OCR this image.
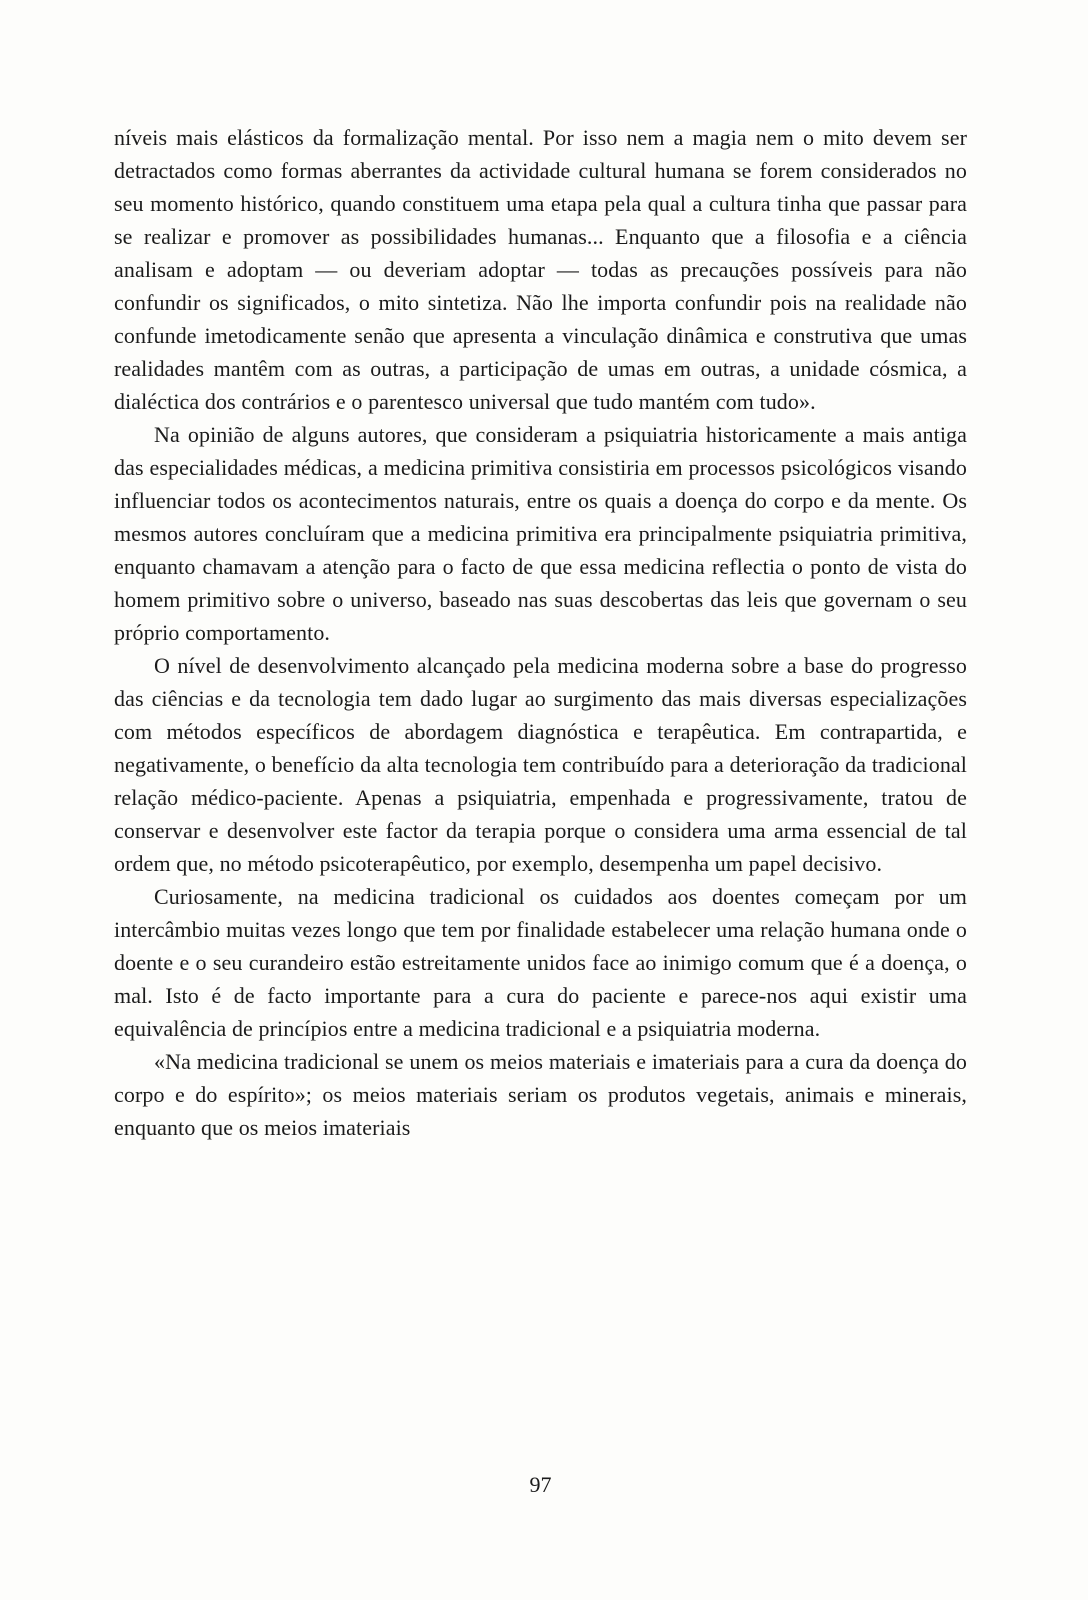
níveis mais elásticos da formalização mental. Por isso nem a magia nem o mito devem ser detractados como formas aberrantes da actividade cultural humana se forem considerados no seu momento histórico, quando constituem uma etapa pela qual a cultura tinha que passar para se realizar e promover as possibilidades humanas... Enquanto que a filosofia e a ciência analisam e adoptam — ou deveriam adoptar — todas as precauções possíveis para não confundir os significados, o mito sintetiza. Não lhe importa confundir pois na realidade não confunde imetodicamente senão que apresenta a vinculação dinâmica e construtiva que umas realidades mantêm com as outras, a participação de umas em outras, a unidade cósmica, a dialéctica dos contrários e o parentesco universal que tudo mantém com tudo».

Na opinião de alguns autores, que consideram a psiquiatria historicamente a mais antiga das especialidades médicas, a medicina primitiva consistiria em processos psicológicos visando influenciar todos os acontecimentos naturais, entre os quais a doença do corpo e da mente. Os mesmos autores concluíram que a medicina primitiva era principalmente psiquiatria primitiva, enquanto chamavam a atenção para o facto de que essa medicina reflectia o ponto de vista do homem primitivo sobre o universo, baseado nas suas descobertas das leis que governam o seu próprio comportamento.

O nível de desenvolvimento alcançado pela medicina moderna sobre a base do progresso das ciências e da tecnologia tem dado lugar ao surgimento das mais diversas especializações com métodos específicos de abordagem diagnóstica e terapêutica. Em contrapartida, e negativamente, o benefício da alta tecnologia tem contribuído para a deterioração da tradicional relação médico-paciente. Apenas a psiquiatria, empenhada e progressivamente, tratou de conservar e desenvolver este factor da terapia porque o considera uma arma essencial de tal ordem que, no método psicoterapêutico, por exemplo, desempenha um papel decisivo.

Curiosamente, na medicina tradicional os cuidados aos doentes começam por um intercâmbio muitas vezes longo que tem por finalidade estabelecer uma relação humana onde o doente e o seu curandeiro estão estreitamente unidos face ao inimigo comum que é a doença, o mal. Isto é de facto importante para a cura do paciente e parece-nos aqui existir uma equivalência de princípios entre a medicina tradicional e a psiquiatria moderna.

«Na medicina tradicional se unem os meios materiais e imateriais para a cura da doença do corpo e do espírito»; os meios materiais seriam os produtos vegetais, animais e minerais, enquanto que os meios imateriais

97
